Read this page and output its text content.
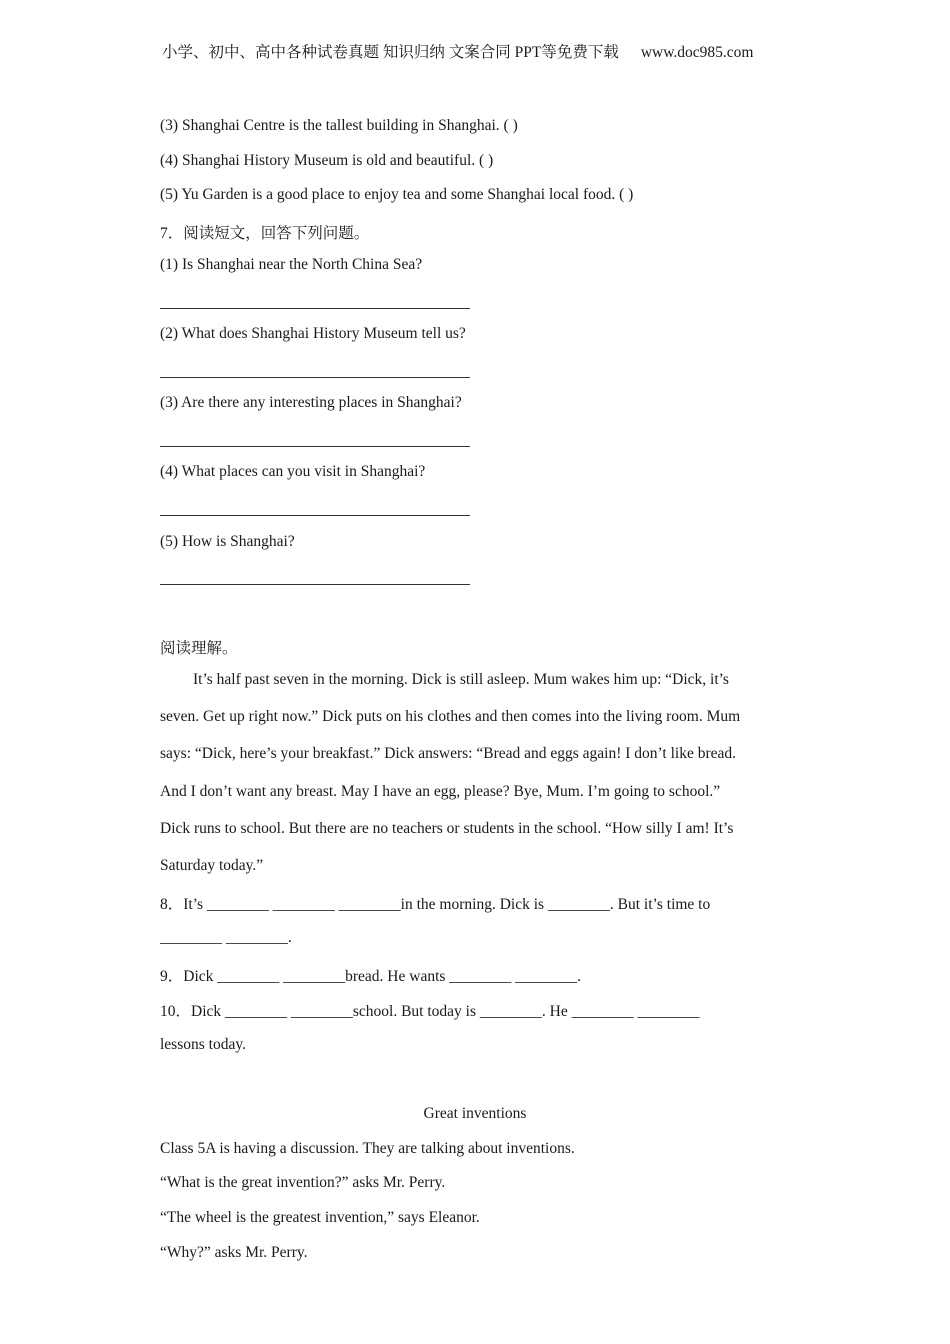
小学、初中、高中各种试卷真题 知识归纳 文案合同 PPT等免费下载 www.doc985.com
(3) Shanghai Centre is the tallest building in Shanghai. ( )
(4) Shanghai History Museum is old and beautiful. ( )
(5) Yu Garden is a good place to enjoy tea and some Shanghai local food. ( )
7．阅读短文，回答下列问题。
(1) Is Shanghai near the North China Sea?
(2) What does Shanghai History Museum tell us?
(3) Are there any interesting places in Shanghai?
(4) What places can you visit in Shanghai?
(5) How is Shanghai?
阅读理解。
It’s half past seven in the morning. Dick is still asleep. Mum wakes him up: “Dick, it’s
seven. Get up right now.” Dick puts on his clothes and then comes into the living room. Mum
says: “Dick, here’s your breakfast.” Dick answers: “Bread and eggs again! I don’t like bread.
And I don’t want any breast. May I have an egg, please? Bye, Mum. I’m going to school.”
Dick runs to school. But there are no teachers or students in the school. “How silly I am! It’s
Saturday today.”
8．It’s ________ ________ ________in the morning. Dick is ________. But it’s time to
________ ________.
9．Dick ________ ________bread. He wants ________ ________.
10．Dick ________ ________school. But today is ________. He ________ ________
lessons today.
Great inventions
Class 5A is having a discussion. They are talking about inventions.
“What is the great invention?” asks Mr. Perry.
“The wheel is the greatest invention,” says Eleanor.
“Why?” asks Mr. Perry.
